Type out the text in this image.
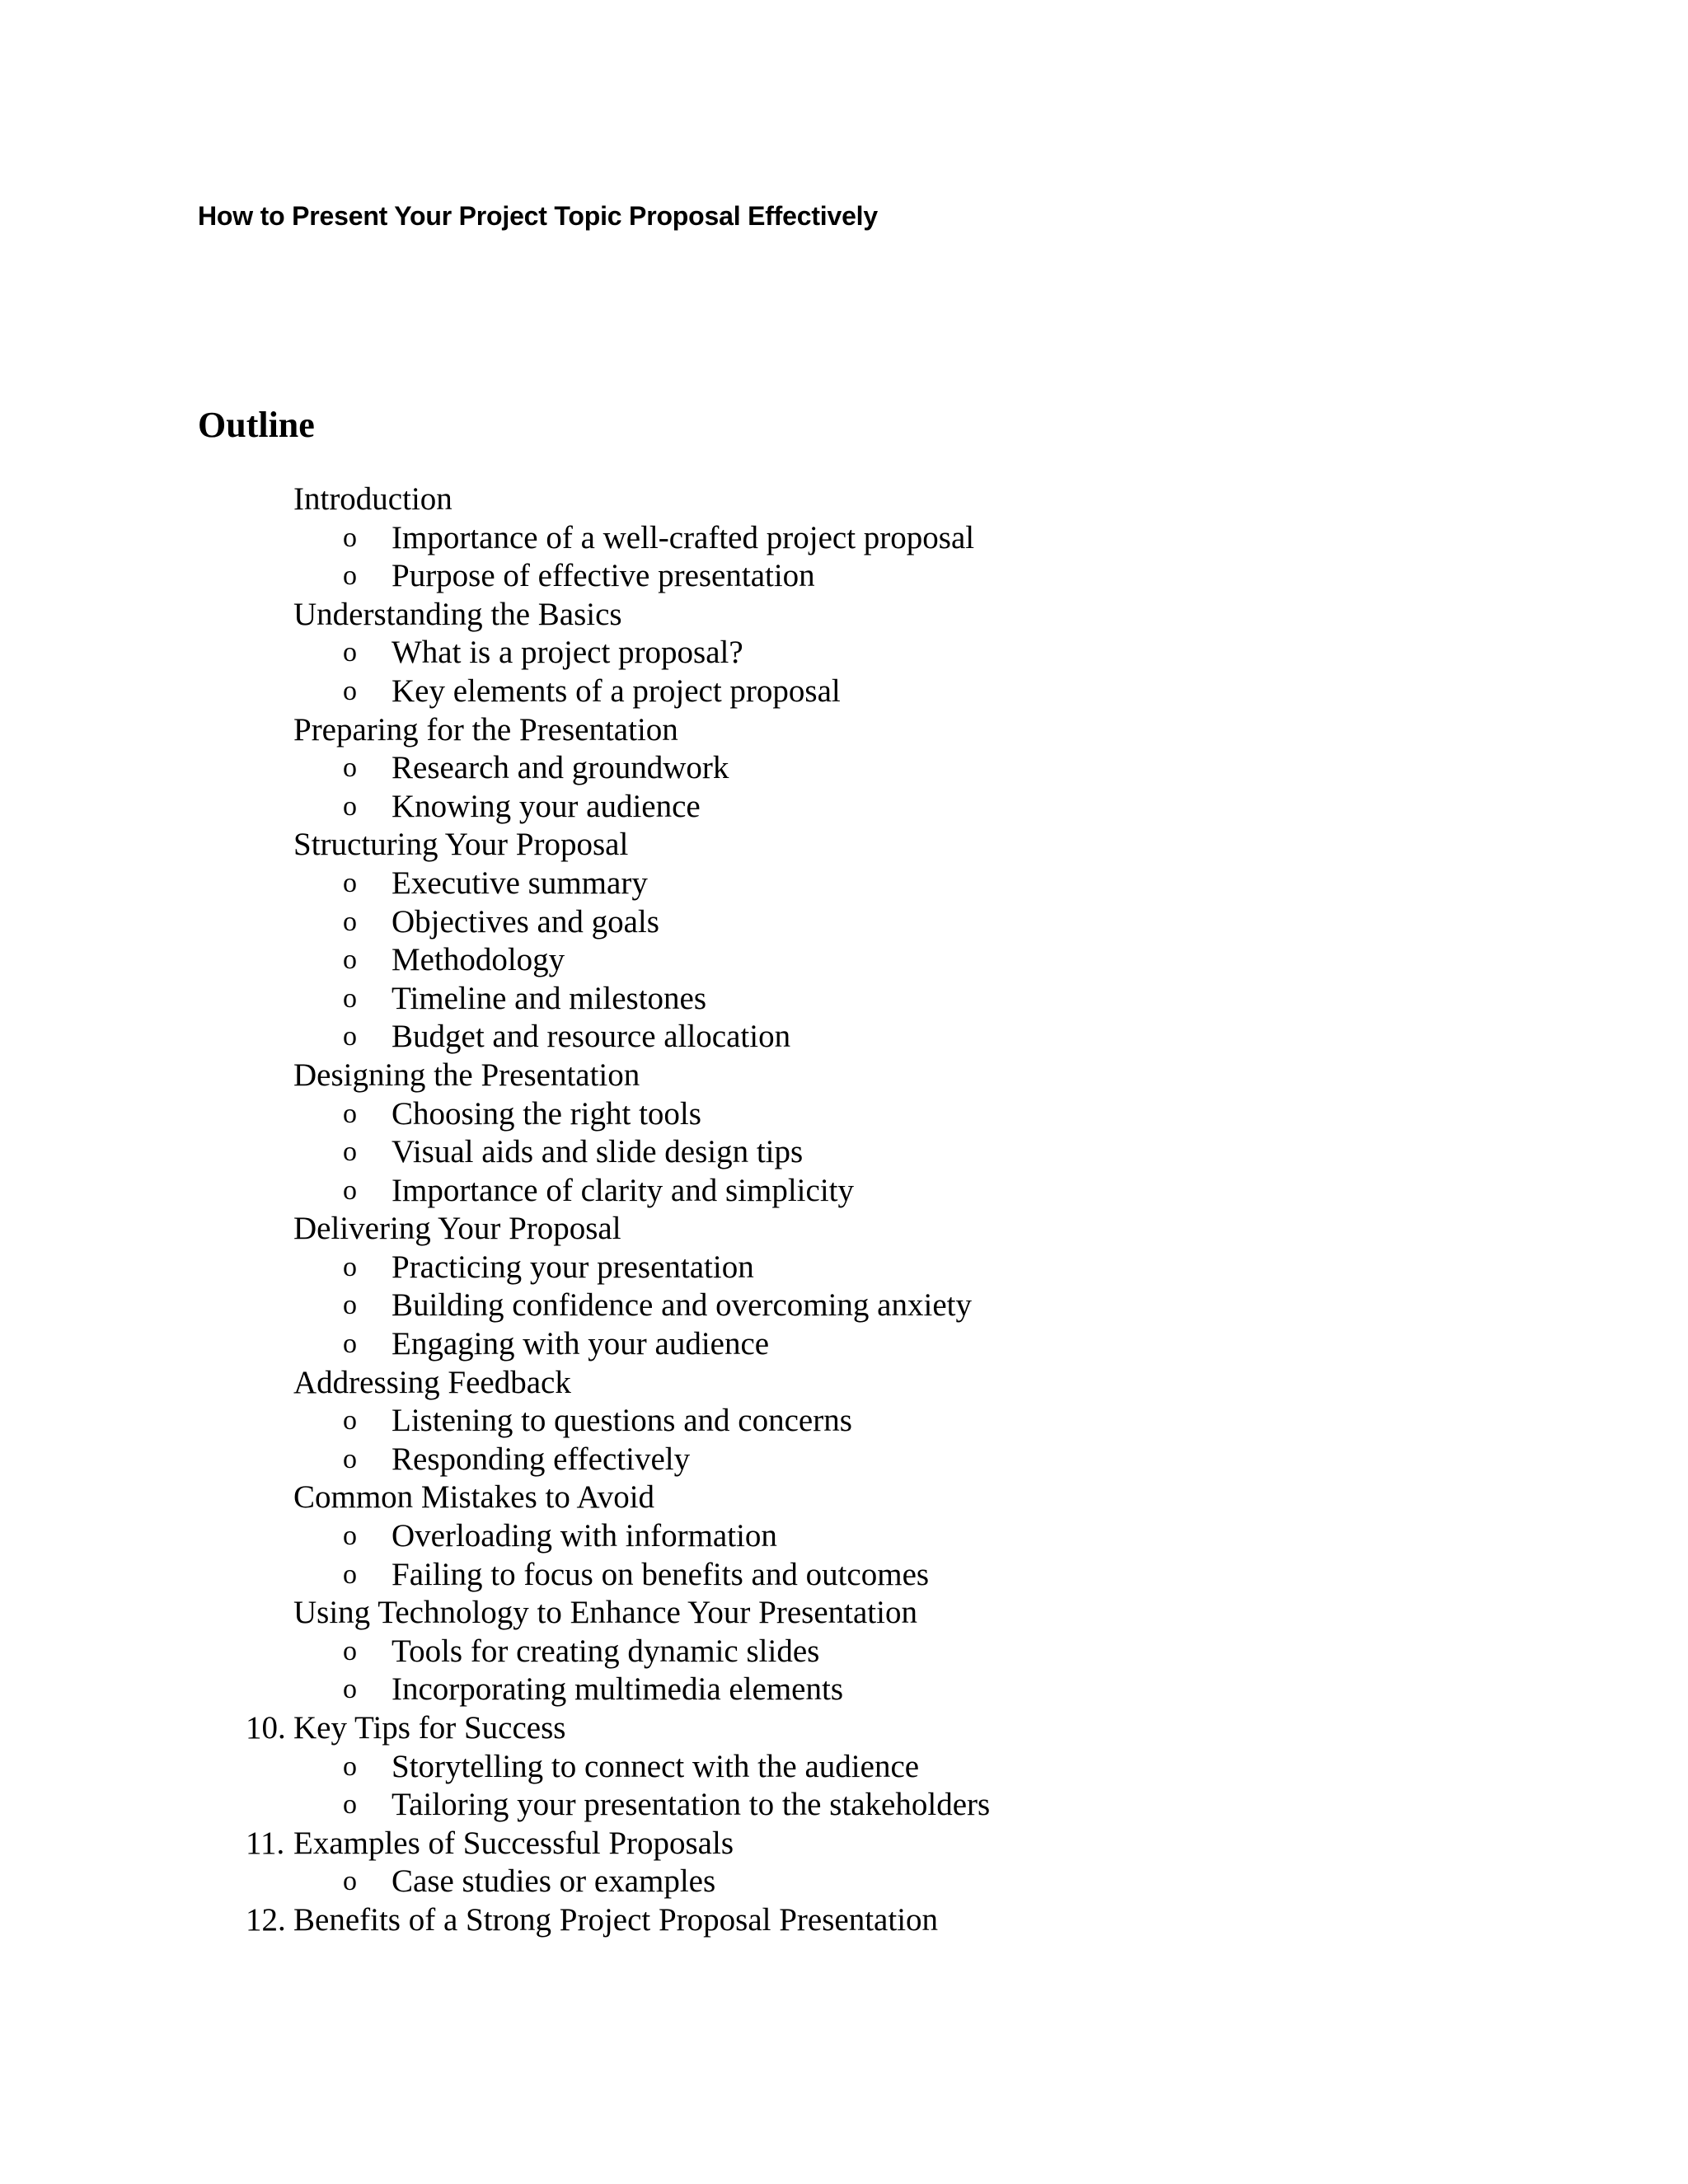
How to Present Your Project Topic Proposal Effectively
Outline
Introduction
o Importance of a well-crafted project proposal
o Purpose of effective presentation
Understanding the Basics
o What is a project proposal?
o Key elements of a project proposal
Preparing for the Presentation
o Research and groundwork
o Knowing your audience
Structuring Your Proposal
o Executive summary
o Objectives and goals
o Methodology
o Timeline and milestones
o Budget and resource allocation
Designing the Presentation
o Choosing the right tools
o Visual aids and slide design tips
o Importance of clarity and simplicity
Delivering Your Proposal
o Practicing your presentation
o Building confidence and overcoming anxiety
o Engaging with your audience
Addressing Feedback
o Listening to questions and concerns
o Responding effectively
Common Mistakes to Avoid
o Overloading with information
o Failing to focus on benefits and outcomes
Using Technology to Enhance Your Presentation
o Tools for creating dynamic slides
o Incorporating multimedia elements
10. Key Tips for Success
o Storytelling to connect with the audience
o Tailoring your presentation to the stakeholders
11. Examples of Successful Proposals
o Case studies or examples
12. Benefits of a Strong Project Proposal Presentation
